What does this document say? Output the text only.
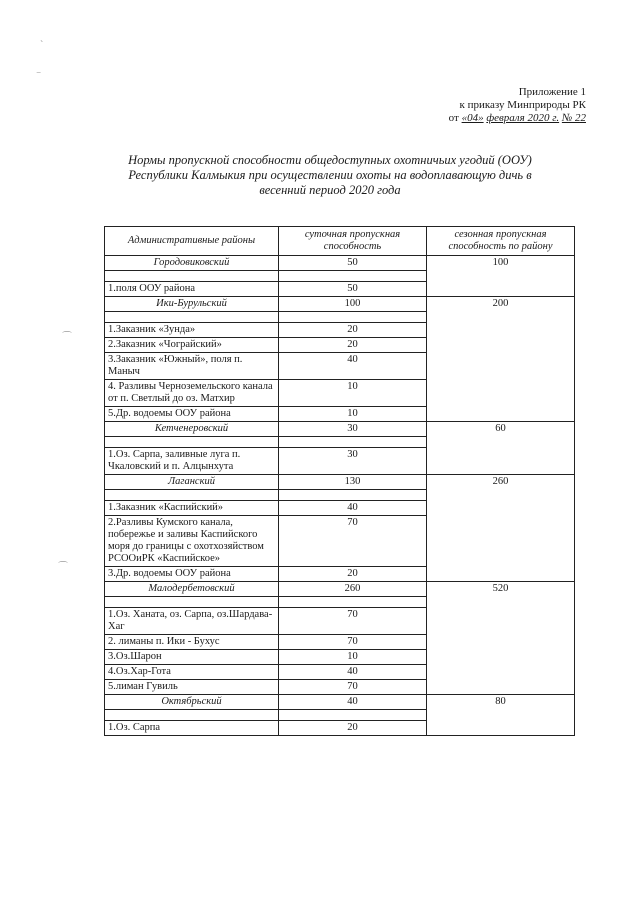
ˋ
⁻
⌒
⌒
Приложение 1
к приказу Минприроды РК
от «04» февраля 2020 г. № 22
Нормы пропускной способности общедоступных охотничьих угодий (ООУ) Республики Калмыкия при осуществлении охоты на водоплавающую дичь в весенний период 2020 года
Административные районы	суточная пропускная способность	сезонная пропускная способность по району
Городовиковский	50	100

1.поля ООУ района	50	
Ики-Бурульский	100	200

1.Заказник «Зунда»	20	
2.Заказник «Чограйский»	20	
3.Заказник «Южный», поля п. Маныч	40	
4. Разливы Черноземельского канала от п. Светлый до оз. Матхир	10	
5.Др. водоемы ООУ района	10	
Кетченеровский	30	60

1.Оз. Сарпа, заливные луга п. Чкаловский и п. Алцынхута	30	
Лаганский	130	260

1.Заказник «Каспийский»	40	
2.Разливы Кумского канала, побережье и заливы Каспийского моря до границы с охотхозяйством РСООиРК «Каспийское»	70	
3.Др. водоемы ООУ района	20	
Малодербетовский	260	520

1.Оз. Ханата, оз. Сарпа, оз.Шардава-Хаг	70	
2. лиманы п. Ики - Бухус	70	
3.Оз.Шарон	10	
4.Оз.Хар-Гота	40	
5.лиман Гувиль	70	
Октябрьский	40	80

1.Оз. Сарпа	20	
